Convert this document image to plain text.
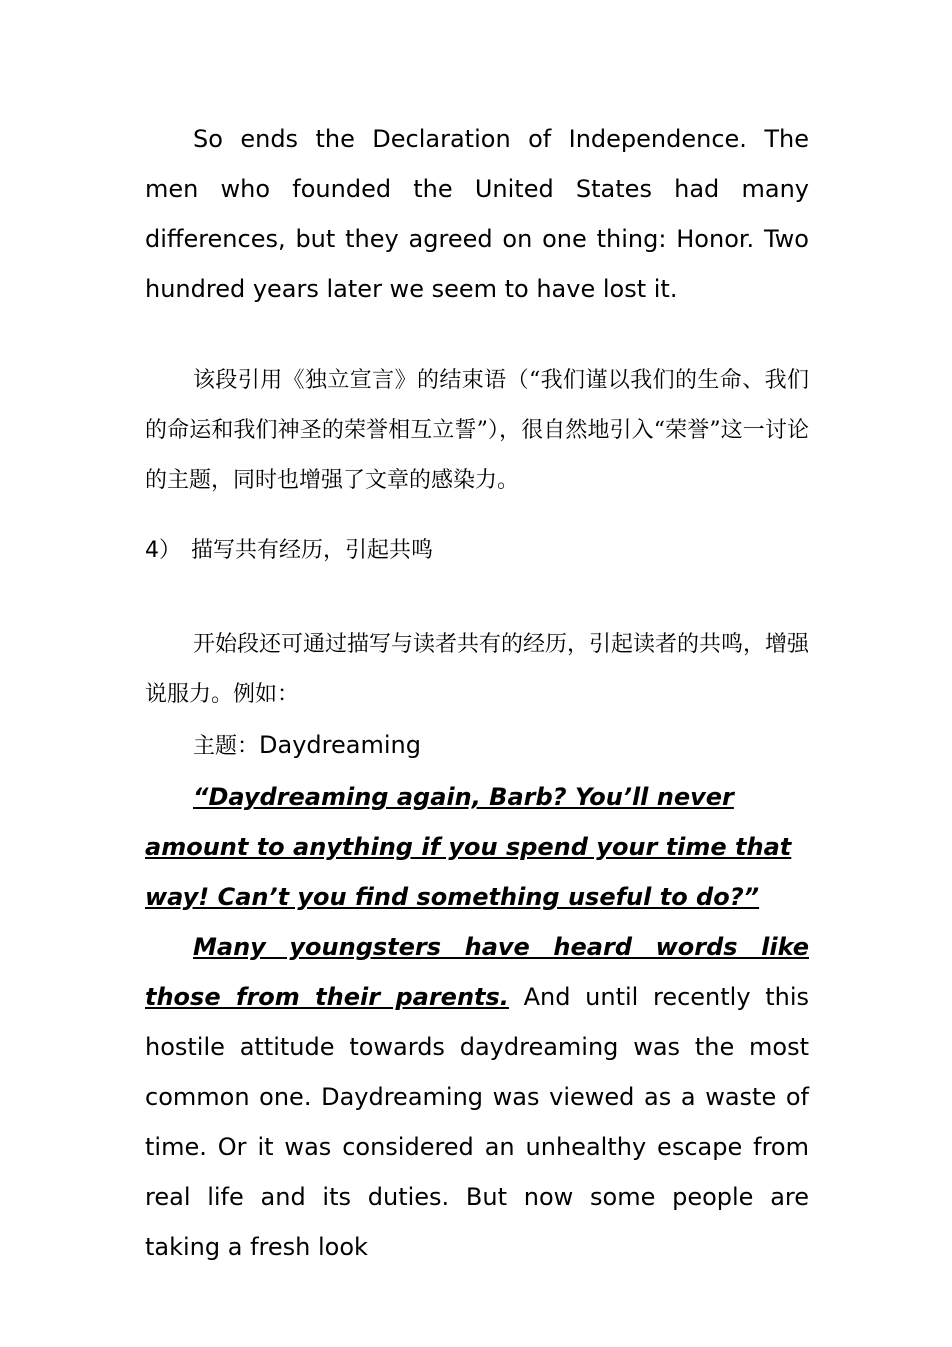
So ends the Declaration of Independence. The men who founded the United States had many differences, but they agreed on one thing: Honor. Two hundred years later we seem to have lost it.

该段引用《独立宣言》的结束语（“我们谨以我们的生命、我们的命运和我们神圣的荣誉相互立誓”），很自然地引入“荣誉”这一讨论的主题，同时也增强了文章的感染力。

4） 描写共有经历，引起共鸣

开始段还可通过描写与读者共有的经历，引起读者的共鸣，增强说服力。例如：

主题：Daydreaming

“Daydreaming again, Barb? You’ll never amount to anything if you spend your time that way! Can’t you find something useful to do?”

Many youngsters have heard words like those from their parents. And until recently this hostile attitude towards daydreaming was the most common one. Daydreaming was viewed as a waste of time. Or it was considered an unhealthy escape from real life and its duties. But now some people are taking a fresh look
